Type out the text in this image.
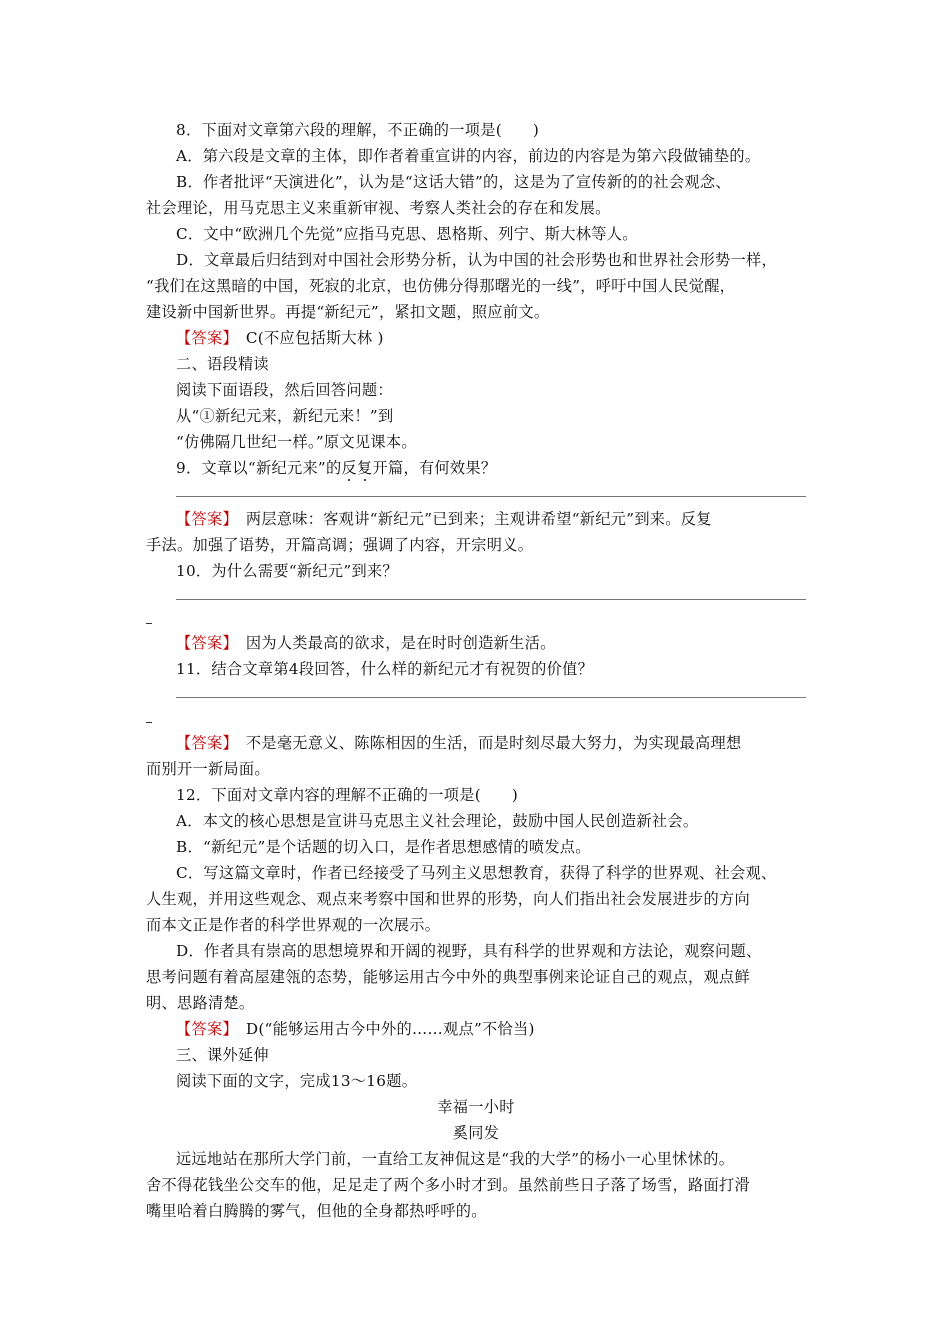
8．下面对文章第六段的理解，不正确的一项是(　　)
A．第六段是文章的主体，即作者着重宣讲的内容，前边的内容是为第六段做铺垫的。
B．作者批评“天演进化”，认为是“这话大错”的，这是为了宣传新的的社会观念、
社会理论，用马克思主义来重新审视、考察人类社会的存在和发展。
C．文中“欧洲几个先觉”应指马克思、恩格斯、列宁、斯大林等人。
D．文章最后归结到对中国社会形势分析，认为中国的社会形势也和世界社会形势一样，
“我们在这黑暗的中国，死寂的北京，也仿佛分得那曙光的一线”，呼吁中国人民觉醒，
建设新中国新世界。再提“新纪元”，紧扣文题，照应前文。
【答案】　C(不应包括斯大林 )
二、语段精读
阅读下面语段，然后回答问题：
从“①新纪元来，新纪元来！”到
“仿佛隔几世纪一样。”原文见课本。
9．文章以“新纪元来”的反复开篇，有何效果？
【答案】　两层意味：客观讲“新纪元”已到来；主观讲希望“新纪元”到来。反复
手法。加强了语势，开篇高调；强调了内容，开宗明义。
10．为什么需要“新纪元”到来？
【答案】　因为人类最高的欲求，是在时时创造新生活。
11．结合文章第4段回答，什么样的新纪元才有祝贺的价值？
【答案】　不是毫无意义、陈陈相因的生活，而是时刻尽最大努力，为实现最高理想
而别开一新局面。
12．下面对文章内容的理解不正确的一项是(　　)
A．本文的核心思想是宣讲马克思主义社会理论，鼓励中国人民创造新社会。
B．“新纪元”是个话题的切入口，是作者思想感情的喷发点。
C．写这篇文章时，作者已经接受了马列主义思想教育，获得了科学的世界观、社会观、
人生观，并用这些观念、观点来考察中国和世界的形势，向人们指出社会发展进步的方向
而本文正是作者的科学世界观的一次展示。
D．作者具有崇高的思想境界和开阔的视野，具有科学的世界观和方法论，观察问题、
思考问题有着高屋建瓴的态势，能够运用古今中外的典型事例来论证自己的观点，观点鲜
明、思路清楚。
【答案】　D(“能够运用古今中外的……观点”不恰当)
三、课外延伸
阅读下面的文字，完成13～16题。
幸福一小时
奚同发
远远地站在那所大学门前，一直给工友神侃这是“我的大学”的杨小一心里怵怵的。
舍不得花钱坐公交车的他，足足走了两个多小时才到。虽然前些日子落了场雪，路面打滑
嘴里哈着白腾腾的雾气，但他的全身都热呼呼的。
